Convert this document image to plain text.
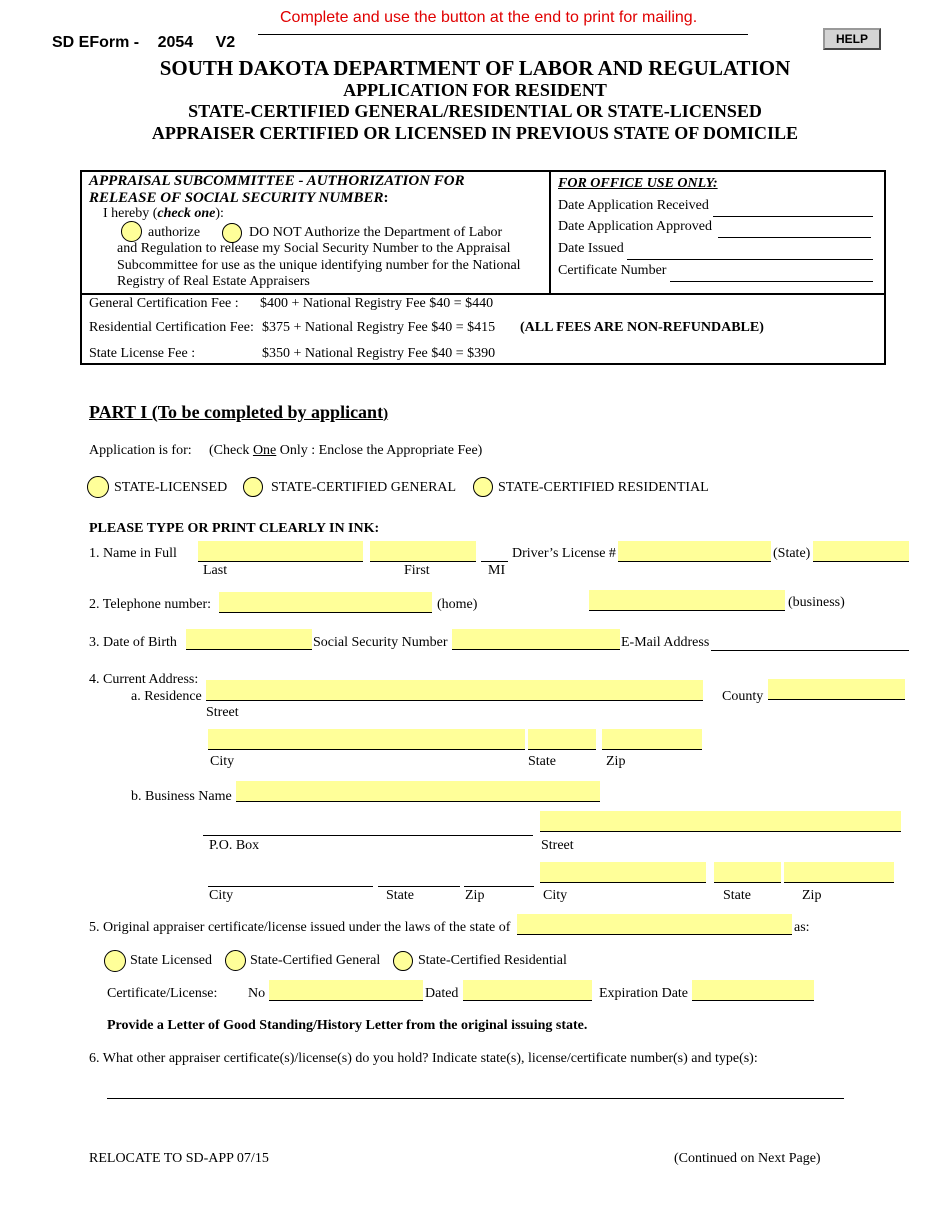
Complete and use the button at the end to print for mailing.
SD EForm - 2054 V2	HELP
SOUTH DAKOTA DEPARTMENT OF LABOR AND REGULATION
APPLICATION FOR RESIDENT
STATE-CERTIFIED GENERAL/RESIDENTIAL OR STATE-LICENSED
APPRAISER CERTIFIED OR LICENSED IN PREVIOUS STATE OF DOMICILE
APPRAISAL SUBCOMMITTEE - AUTHORIZATION FOR
RELEASE OF SOCIAL SECURITY NUMBER:
I hereby (check one):
authorize	DO NOT Authorize the Department of Labor
and Regulation to release my Social Security Number to the Appraisal
Subcommittee for use as the unique identifying number for the National
Registry of Real Estate Appraisers
FOR OFFICE USE ONLY:
Date Application Received
Date Application Approved
Date Issued
Certificate Number
General Certification Fee : $400 + National Registry Fee $40 = $440
Residential Certification Fee: $375 + National Registry Fee $40 = $415 (ALL FEES ARE NON-REFUNDABLE)
State License Fee :	$350 + National Registry Fee $40 = $390
PART I (To be completed by applicant)
Application is for: (Check One Only : Enclose the Appropriate Fee)
STATE-LICENSED	STATE-CERTIFIED GENERAL	STATE-CERTIFIED RESIDENTIAL
PLEASE TYPE OR PRINT CLEARLY IN INK:
1. Name in Full
Last	First	MI
Driver’s License #	(State)
2. Telephone number:	(home)	(business)
3. Date of Birth	Social Security Number	E-Mail Address
4. Current Address:
a. Residence	County
Street
City	State	Zip
b. Business Name
P.O. Box	Street
City	State	Zip	City	State	Zip
5. Original appraiser certificate/license issued under the laws of the state of	as:
State Licensed	State-Certified General	State-Certified Residential
Certificate/License: No	Dated	Expiration Date
Provide a Letter of Good Standing/History Letter from the original issuing state.
6. What other appraiser certificate(s)/license(s) do you hold? Indicate state(s), license/certificate number(s) and type(s):
RELOCATE TO SD-APP 07/15	(Continued on Next Page)
